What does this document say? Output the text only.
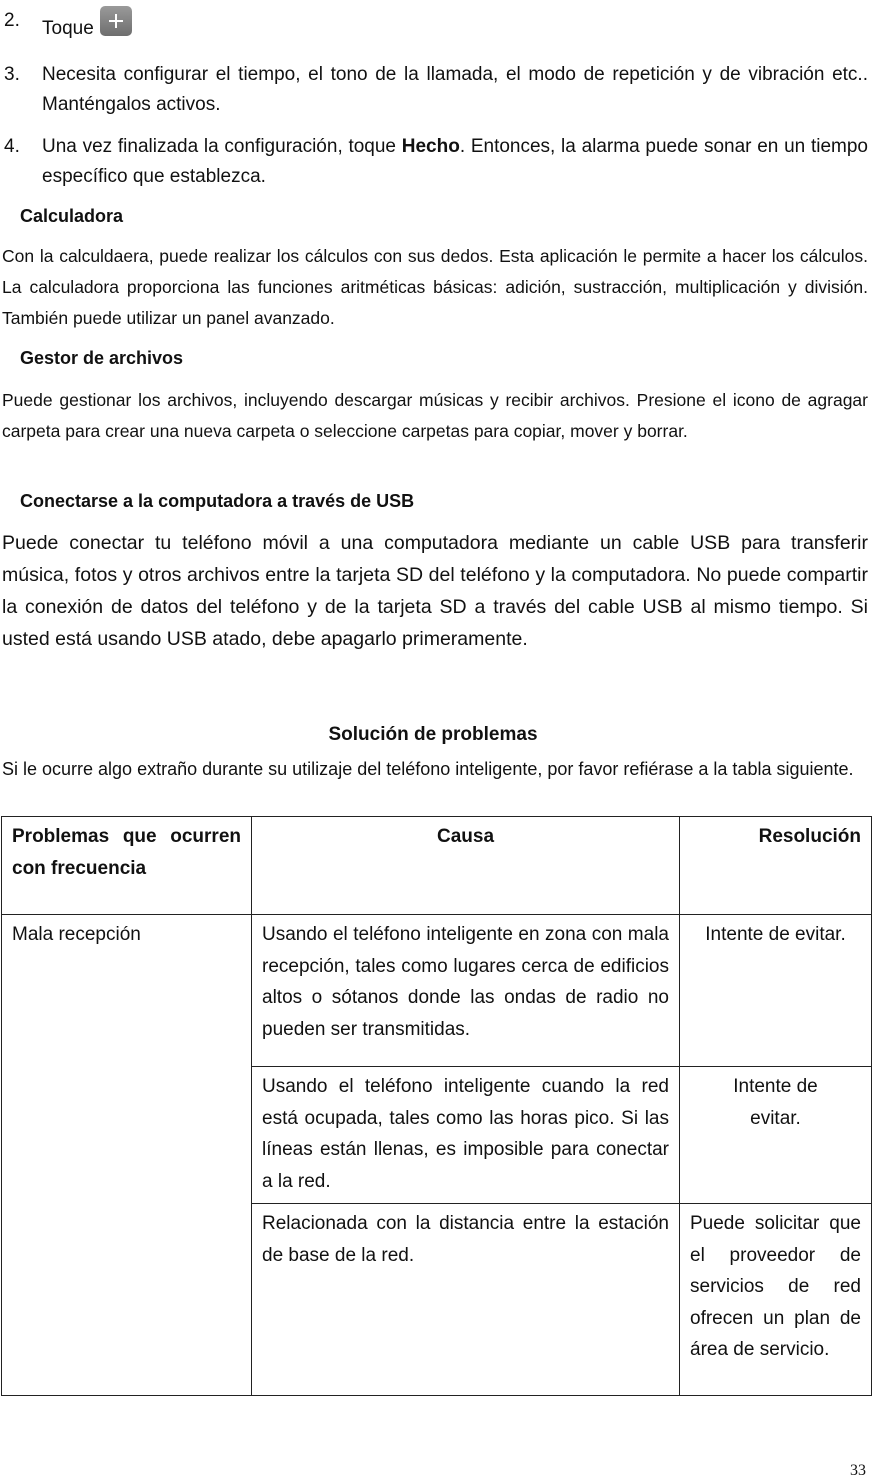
2.	Toque
3.	Necesita configurar el tiempo, el tono de la llamada, el modo de repetición y de vibración etc.. Manténgalos activos.
4.	Una vez finalizada la configuración, toque Hecho. Entonces, la alarma puede sonar en un tiempo específico que establezca.
Calculadora
Con la calculdaera, puede realizar los cálculos con sus dedos. Esta aplicación le permite a hacer los cálculos. La calculadora proporciona las funciones aritméticas básicas: adición, sustracción, multiplicación y división. También puede utilizar un panel avanzado.
Gestor de archivos
Puede gestionar los archivos, incluyendo descargar músicas y recibir archivos. Presione el icono de agragar carpeta para crear una nueva carpeta o seleccione carpetas para copiar, mover y borrar.
Conectarse a la computadora a través de USB
Puede conectar tu teléfono móvil a una computadora mediante un cable USB para transferir música, fotos y otros archivos entre la tarjeta SD del teléfono y la computadora. No puede compartir la conexión de datos del teléfono y de la tarjeta SD a través del cable USB al mismo tiempo. Si usted está usando USB atado, debe apagarlo primeramente.
Solución de problemas
Si le ocurre algo extraño durante su utilizaje del teléfono inteligente, por favor refiérase a la tabla siguiente.
Problemas que ocurren con frecuencia	Causa	Resolución
Mala recepción	Usando el teléfono inteligente en zona con mala recepción, tales como lugares cerca de edificios altos o sótanos donde las ondas de radio no pueden ser transmitidas.	Intente de evitar.
	Usando el teléfono inteligente cuando la red está ocupada, tales como las horas pico. Si las líneas están llenas, es imposible para conectar a la red.	Intente de evitar.
	Relacionada con la distancia entre la estación de base de la red.	Puede solicitar que el proveedor de servicios de red ofrecen un plan de área de servicio.
33
